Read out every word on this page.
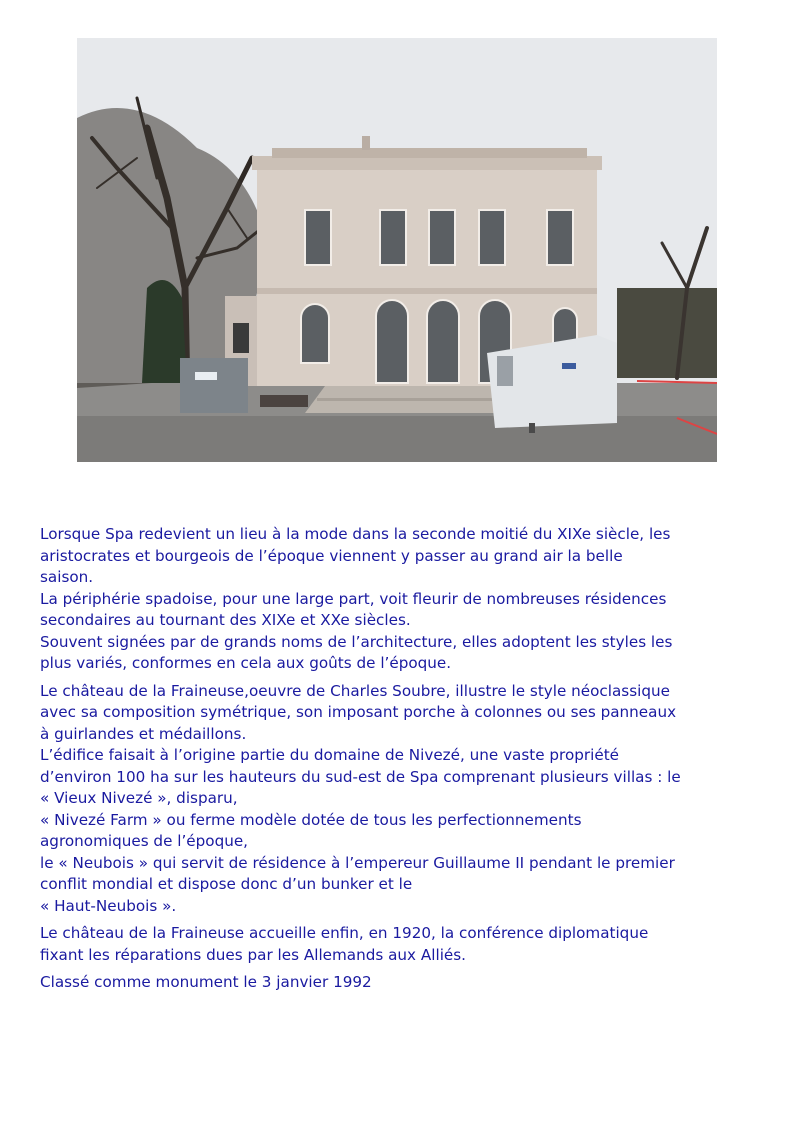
Lorsque Spa redevient un lieu à la mode dans la seconde moitié du XIXe siècle, les
aristocrates et bourgeois de l’époque viennent y passer au grand air la belle
saison.
La périphérie spadoise, pour une large part, voit fleurir de nombreuses résidences
secondaires au tournant des XIXe et XXe siècles.
Souvent signées par de grands noms de l’architecture, elles adoptent les styles les
plus variés, conformes en cela aux goûts de l’époque.
Le château de la Fraineuse,oeuvre de Charles Soubre, illustre le style néoclassique
avec sa composition symétrique, son imposant porche à colonnes ou ses panneaux
à guirlandes et médaillons.
L’édifice faisait à l’origine partie du domaine de Nivezé, une vaste propriété
d’environ 100 ha sur les hauteurs du sud-est de Spa comprenant plusieurs villas : le
« Vieux Nivezé », disparu,
« Nivezé Farm » ou ferme modèle dotée de tous les perfectionnements
agronomiques de l’époque,
le « Neubois » qui servit de résidence à l’empereur Guillaume II pendant le premier
conflit mondial et dispose donc d’un bunker et le
« Haut-Neubois ».
Le château de la Fraineuse accueille enfin, en 1920, la conférence diplomatique
fixant les réparations dues par les Allemands aux Alliés.
Classé comme monument le 3 janvier 1992
